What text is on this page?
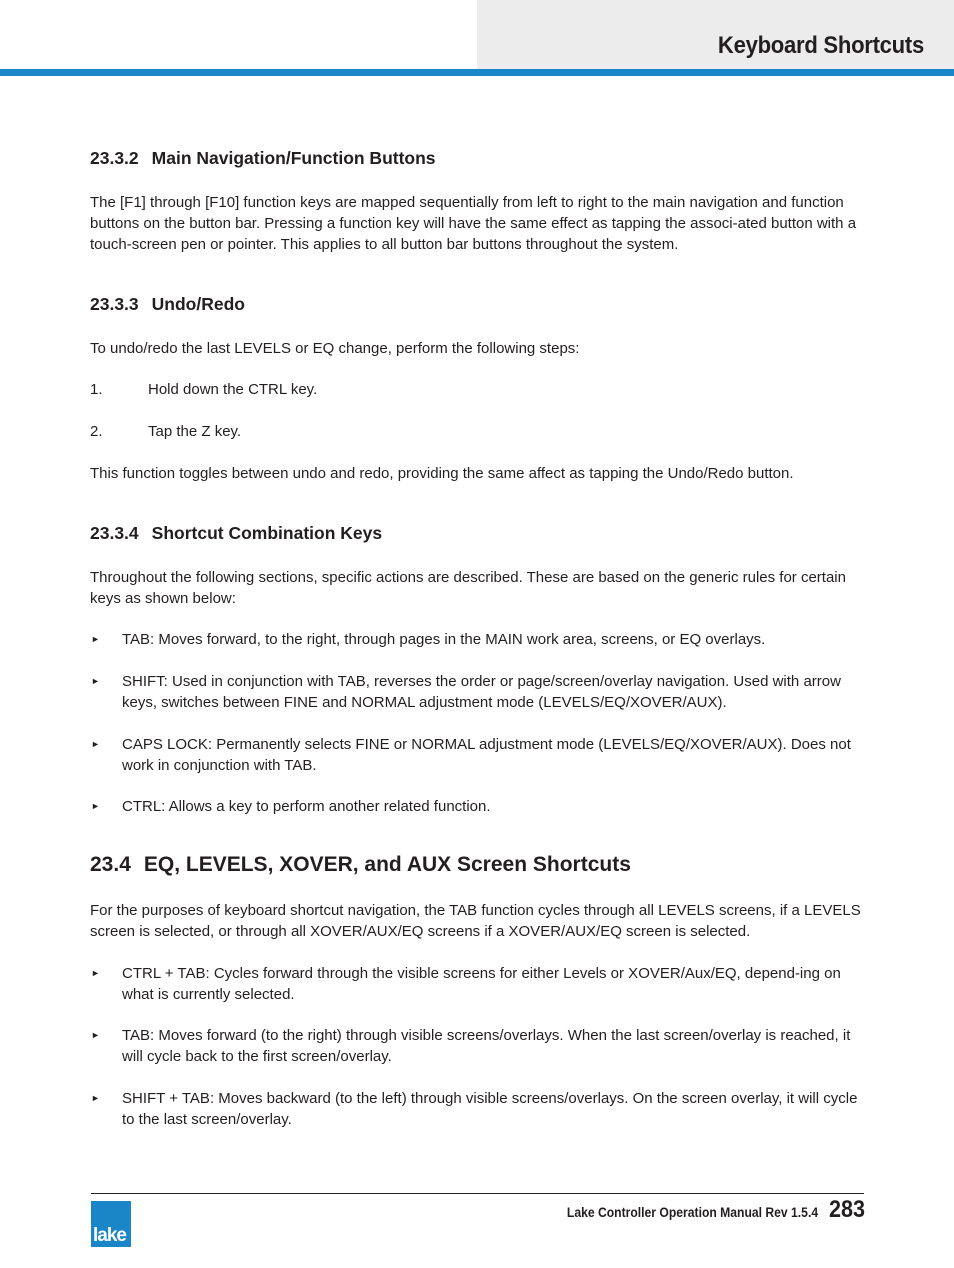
Keyboard Shortcuts
23.3.2 Main Navigation/Function Buttons
The [F1] through [F10] function keys are mapped sequentially from left to right to the main navigation and function buttons on the button bar. Pressing a function key will have the same effect as tapping the associ-ated button with a touch-screen pen or pointer. This applies to all button bar buttons throughout the system.
23.3.3 Undo/Redo
To undo/redo the last LEVELS or EQ change, perform the following steps:
1.	Hold down the CTRL key.
2.	Tap the Z key.
This function toggles between undo and redo, providing the same affect as tapping the Undo/Redo button.
23.3.4 Shortcut Combination Keys
Throughout the following sections, specific actions are described. These are based on the generic rules for certain keys as shown below:
► TAB: Moves forward, to the right, through pages in the MAIN work area, screens, or EQ overlays.
► SHIFT: Used in conjunction with TAB, reverses the order or page/screen/overlay navigation. Used with arrow keys, switches between FINE and NORMAL adjustment mode (LEVELS/EQ/XOVER/AUX).
► CAPS LOCK: Permanently selects FINE or NORMAL adjustment mode (LEVELS/EQ/XOVER/AUX). Does not work in conjunction with TAB.
► CTRL: Allows a key to perform another related function.
23.4 EQ, LEVELS, XOVER, and AUX Screen Shortcuts
For the purposes of keyboard shortcut navigation, the TAB function cycles through all LEVELS screens, if a LEVELS screen is selected, or through all XOVER/AUX/EQ screens if a XOVER/AUX/EQ screen is selected.
► CTRL + TAB: Cycles forward through the visible screens for either Levels or XOVER/Aux/EQ, depend-ing on what is currently selected.
► TAB: Moves forward (to the right) through visible screens/overlays. When the last screen/overlay is reached, it will cycle back to the first screen/overlay.
► SHIFT + TAB: Moves backward (to the left) through visible screens/overlays. On the screen overlay, it will cycle to the last screen/overlay.
lake
Lake Controller Operation Manual Rev 1.5.4 283
